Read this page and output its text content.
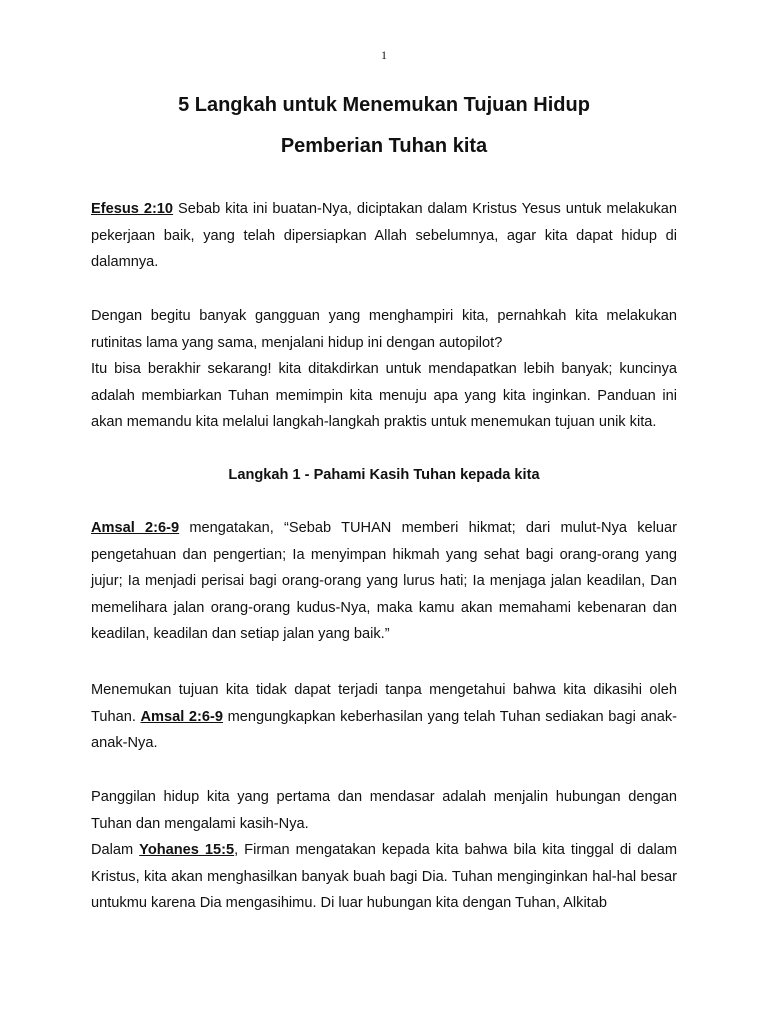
1
5 Langkah untuk Menemukan Tujuan Hidup
Pemberian Tuhan kita

Efesus 2:10 Sebab kita ini buatan-Nya, diciptakan dalam Kristus Yesus untuk melakukan pekerjaan baik, yang telah dipersiapkan Allah sebelumnya, agar kita dapat hidup di dalamnya.

Dengan begitu banyak gangguan yang menghampiri kita, pernahkah kita melakukan rutinitas lama yang sama, menjalani hidup ini dengan autopilot?

Itu bisa berakhir sekarang! kita ditakdirkan untuk mendapatkan lebih banyak; kuncinya adalah membiarkan Tuhan memimpin kita menuju apa yang kita inginkan. Panduan ini akan memandu kita melalui langkah-langkah praktis untuk menemukan tujuan unik kita.

Langkah 1 - Pahami Kasih Tuhan kepada kita

Amsal 2:6-9 mengatakan, “Sebab TUHAN memberi hikmat; dari mulut-Nya keluar pengetahuan dan pengertian; Ia menyimpan hikmah yang sehat bagi orang-orang yang jujur; Ia menjadi perisai bagi orang-orang yang lurus hati; Ia menjaga jalan keadilan, Dan memelihara jalan orang-orang kudus-Nya, maka kamu akan memahami kebenaran dan keadilan, keadilan dan setiap jalan yang baik.”

Menemukan tujuan kita tidak dapat terjadi tanpa mengetahui bahwa kita dikasihi oleh Tuhan. Amsal 2:6-9 mengungkapkan keberhasilan yang telah Tuhan sediakan bagi anak-anak-Nya.

Panggilan hidup kita yang pertama dan mendasar adalah menjalin hubungan dengan Tuhan dan mengalami kasih-Nya.

Dalam Yohanes 15:5, Firman mengatakan kepada kita bahwa bila kita tinggal di dalam Kristus, kita akan menghasilkan banyak buah bagi Dia. Tuhan menginginkan hal-hal besar untukmu karena Dia mengasihimu. Di luar hubungan kita dengan Tuhan, Alkitab
